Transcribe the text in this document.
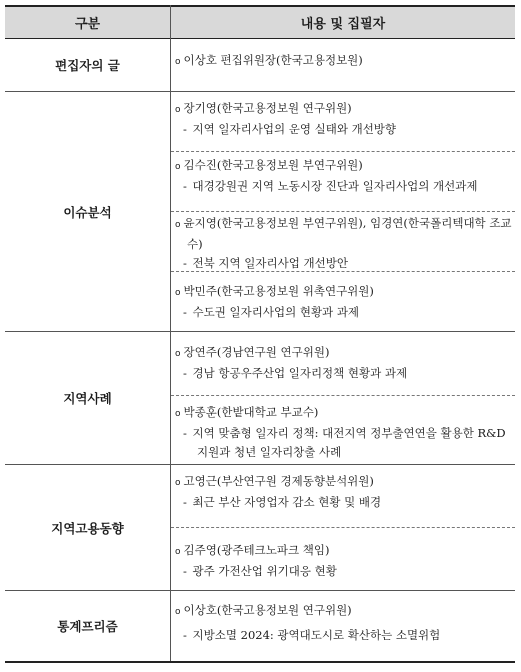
구분	내용 및 집필자
편집자의 글	o 이상호 편집위원장(한국고용정보원)
이슈분석
o 장기영(한국고용정보원 연구위원)
- 지역 일자리사업의 운영 실태와 개선방향
o 김수진(한국고용정보원 부연구위원)
- 대경강원권 지역 노동시장 진단과 일자리사업의 개선과제
o 윤지영(한국고용정보원 부연구위원), 임경연(한국폴리텍대학 조교수)
- 전북 지역 일자리사업 개선방안
o 박민주(한국고용정보원 위촉연구위원)
- 수도권 일자리사업의 현황과 과제
지역사례
o 장연주(경남연구원 연구위원)
- 경남 항공우주산업 일자리정책 현황과 과제
o 박종훈(한밭대학교 부교수)
- 지역 맞춤형 일자리 정책: 대전지역 정부출연연을 활용한 R&D 지원과 청년 일자리창출 사례
지역고용동향
o 고영근(부산연구원 경제동향분석위원)
- 최근 부산 자영업자 감소 현황 및 배경
o 김주영(광주테크노파크 책임)
- 광주 가전산업 위기대응 현황
통계프리즘
o 이상호(한국고용정보원 연구위원)
- 지방소멸 2024: 광역대도시로 확산하는 소멸위험
